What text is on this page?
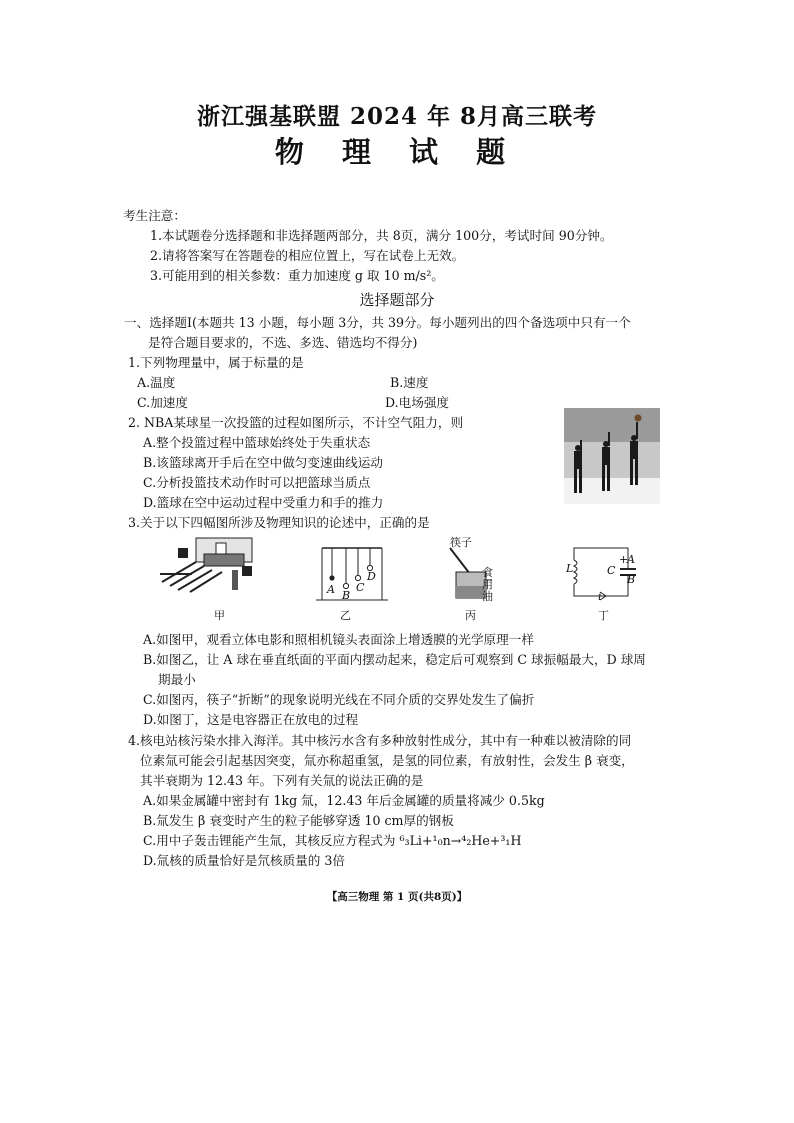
浙江强基联盟 2024 年 8月高三联考
物 理 试 题
考生注意：
1.本试题卷分选择题和非选择题两部分，共 8页，满分 100分，考试时间 90分钟。
2.请将答案写在答题卷的相应位置上，写在试卷上无效。
3.可能用到的相关参数：重力加速度 g 取 10 m/s²。
选择题部分
一、选择题Ⅰ(本题共 13 小题，每小题 3分，共 39分。每小题列出的四个备选项中只有一个
是符合题目要求的，不选、多选、错选均不得分)
1.下列物理量中，属于标量的是
A.温度	B.速度
C.加速度	D.电场强度
2. NBA某球星一次投篮的过程如图所示，不计空气阻力，则
A.整个投篮过程中篮球始终处于失重状态
B.该篮球离开手后在空中做匀变速曲线运动
C.分析投篮技术动作时可以把篮球当质点
D.篮球在空中运动过程中受重力和手的推力
3.关于以下四幅图所涉及物理知识的论述中，正确的是
甲
A B
C
D
乙
筷子
食
用
油
丙
L	C
+
A
−
B
i
丁
A.如图甲，观看立体电影和照相机镜头表面涂上增透膜的光学原理一样
B.如图乙，让 A 球在垂直纸面的平面内摆动起来，稳定后可观察到 C 球振幅最大，D 球周
期最小
C.如图丙，筷子“折断”的现象说明光线在不同介质的交界处发生了偏折
D.如图丁，这是电容器正在放电的过程
4.核电站核污染水排入海洋。其中核污水含有多种放射性成分，其中有一种难以被清除的同
位素氚可能会引起基因突变，氚亦称超重氢，是氢的同位素，有放射性，会发生 β 衰变，
其半衰期为 12.43 年。下列有关氚的说法正确的是
A.如果金属罐中密封有 1kg 氚，12.43 年后金属罐的质量将减少 0.5kg
B.氚发生 β 衰变时产生的粒子能够穿透 10 cm厚的钢板
C.用中子轰击锂能产生氚，其核反应方程式为 ⁶₃Li+¹₀n→⁴₂He+³₁H
D.氚核的质量恰好是氘核质量的 3倍
【高三物理 第 1 页(共8页)】
